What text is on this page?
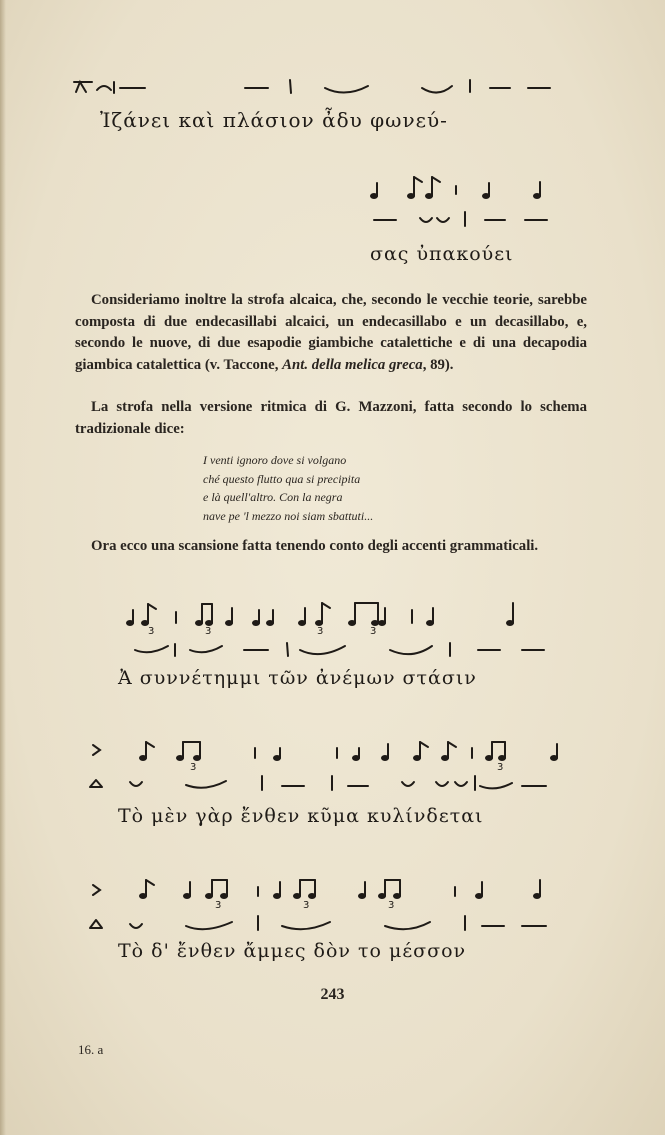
3	3	3	3
3	3
3	3	3
Ἰζάνει καὶ πλάσιον ἆδυ φωνεύ-
σας ὐπακούει
Ἀ συννέτημμι τῶν ἀνέμων στάσιν
Τὸ μὲν γὰρ ἔνθεν κῦμα κυλίνδεται
Τὸ δ' ἔνθεν ἄμμες δὸν το μέσσον

Consideriamo inoltre la strofa alcaica, che, secondo le vecchie teorie, sarebbe composta di due endecasillabi alcaici, un endecasillabo e un decasillabo, e, secondo le nuove, di due esapodie giambiche catalettiche e di una decapodia giambica catalettica (v. Taccone, Ant. della melica greca, 89).

La strofa nella versione ritmica di G. Mazzoni, fatta secondo lo schema tradizionale dice:

I venti ignoro dove si volgano
ché questo flutto qua si precipita
e là quell'altro. Con la negra
nave pe 'l mezzo noi siam sbattuti...

Ora ecco una scansione fatta tenendo conto degli accenti grammaticali.

243
16. a
